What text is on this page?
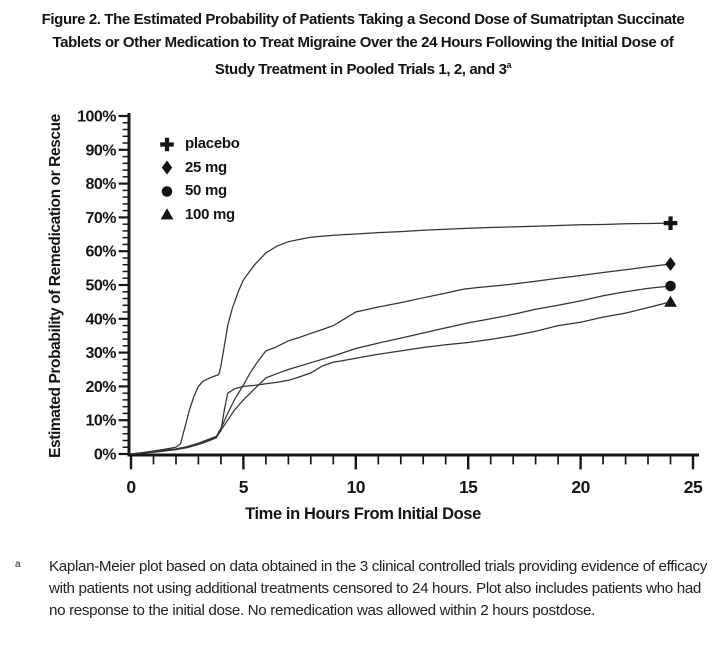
Figure 2. The Estimated Probability of Patients Taking a Second Dose of Sumatriptan Succinate
Tablets or Other Medication to Treat Migraine Over the 24 Hours Following the Initial Dose of
Study Treatment in Pooled Trials 1, 2, and 3$^a$
0%
10%
20%
30%
40%
50%
60%
70%
80%
90%
100%
0	5	10	15	20	25
Estimated Probability of Remedication or Rescue
Time in Hours From Initial Dose
placebo
25 mg
50 mg
100 mg
a Kaplan-Meier plot based on data obtained in the 3 clinical controlled trials providing evidence of efficacy with patients not using additional treatments censored to 24 hours. Plot also includes patients who had no response to the initial dose. No remedication was allowed within 2 hours postdose.
